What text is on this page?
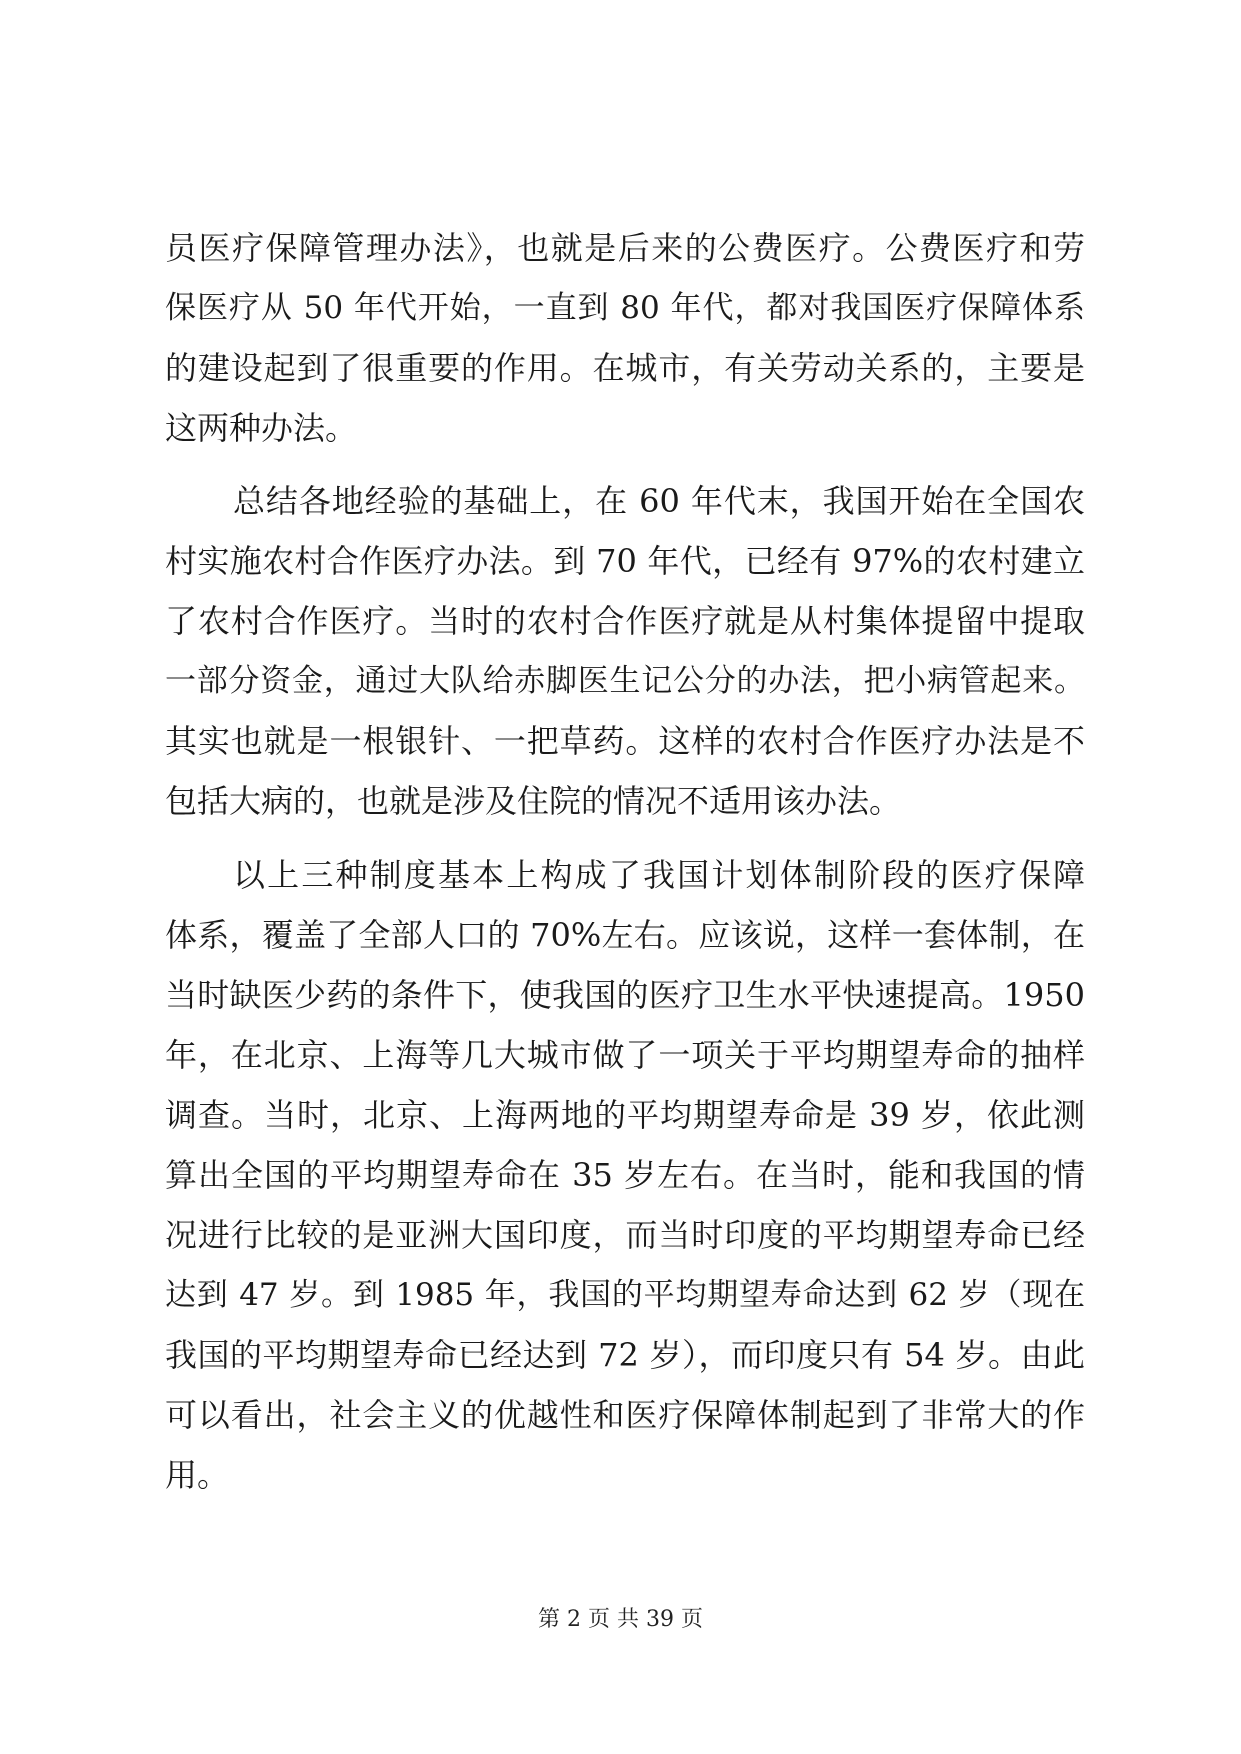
员医疗保障管理办法》，也就是后来的公费医疗。公费医疗和劳
保医疗从 50 年代开始，一直到 80 年代，都对我国医疗保障体系
的建设起到了很重要的作用。在城市，有关劳动关系的，主要是
这两种办法。
总结各地经验的基础上，在 60 年代末，我国开始在全国农
村实施农村合作医疗办法。到 70 年代，已经有 97%的农村建立
了农村合作医疗。当时的农村合作医疗就是从村集体提留中提取
一部分资金，通过大队给赤脚医生记公分的办法，把小病管起来。
其实也就是一根银针、一把草药。这样的农村合作医疗办法是不
包括大病的，也就是涉及住院的情况不适用该办法。
以上三种制度基本上构成了我国计划体制阶段的医疗保障
体系，覆盖了全部人口的 70%左右。应该说，这样一套体制，在
当时缺医少药的条件下，使我国的医疗卫生水平快速提高。1950
年，在北京、上海等几大城市做了一项关于平均期望寿命的抽样
调查。当时，北京、上海两地的平均期望寿命是 39 岁，依此测
算出全国的平均期望寿命在 35 岁左右。在当时，能和我国的情
况进行比较的是亚洲大国印度，而当时印度的平均期望寿命已经
达到 47 岁。到 1985 年，我国的平均期望寿命达到 62 岁（现在
我国的平均期望寿命已经达到 72 岁），而印度只有 54 岁。由此
可以看出，社会主义的优越性和医疗保障体制起到了非常大的作
用。
第 2 页 共 39 页
